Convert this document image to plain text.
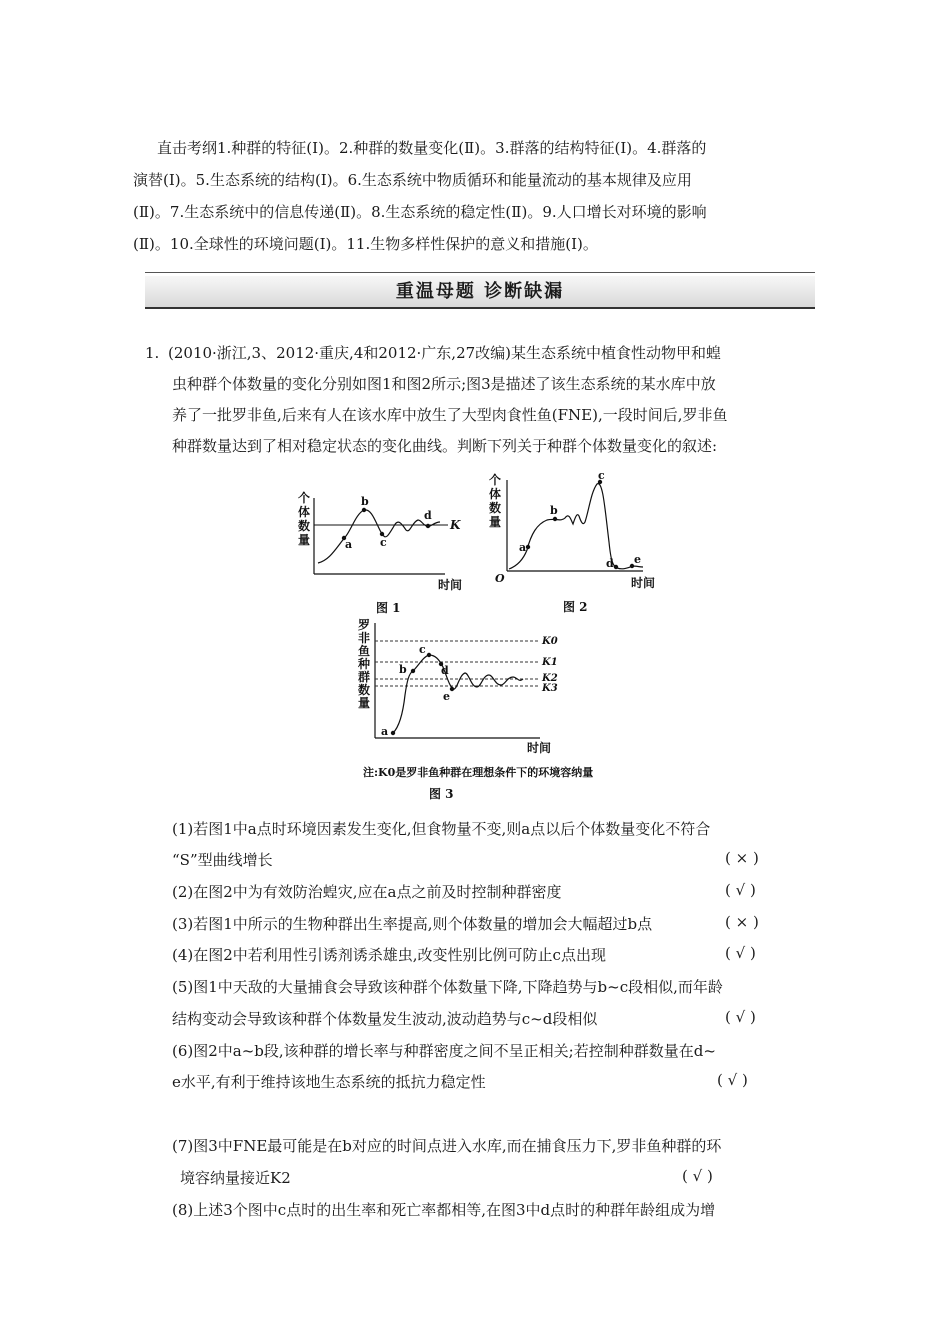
直击考纲1.种群的特征(Ⅰ)。2.种群的数量变化(Ⅱ)。3.群落的结构特征(Ⅰ)。4.群落的
演替(Ⅰ)。5.生态系统的结构(Ⅰ)。6.生态系统中物质循环和能量流动的基本规律及应用
(Ⅱ)。7.生态系统中的信息传递(Ⅱ)。8.生态系统的稳定性(Ⅱ)。9.人口增长对环境的影响
(Ⅱ)。10.全球性的环境问题(Ⅰ)。11.生物多样性保护的意义和措施(Ⅰ)。
重温母题 诊断缺漏
1. (2010·浙江,3、2012·重庆,4和2012·广东,27改编)某生态系统中植食性动物甲和蝗
虫种群个体数量的变化分别如图1和图2所示;图3是描述了该生态系统的某水库中放
养了一批罗非鱼,后来有人在该水库中放生了大型肉食性鱼(FNE),一段时间后,罗非鱼
种群数量达到了相对稳定状态的变化曲线。判断下列关于种群个体数量变化的叙述:
个
体
数
量
K
a
b
c
d
时间
图 1
个
体
数
量
O
a
b
c
d e
时间
图 2
罗
非
鱼
种
群
数
量
K0
K1
K2
K3
a
b
c
d
e
时间
注:K0是罗非鱼种群在理想条件下的环境容纳量
图 3
(1)若图1中a点时环境因素发生变化,但食物量不变,则a点以后个体数量变化不符合
“S”型曲线增长	( × )
(2)在图2中为有效防治蝗灾,应在a点之前及时控制种群密度	( √ )
(3)若图1中所示的生物种群出生率提高,则个体数量的增加会大幅超过b点	( × )
(4)在图2中若利用性引诱剂诱杀雄虫,改变性别比例可防止c点出现	( √ )
(5)图1中天敌的大量捕食会导致该种群个体数量下降,下降趋势与b~c段相似,而年龄
结构变动会导致该种群个体数量发生波动,波动趋势与c~d段相似	( √ )
(6)图2中a~b段,该种群的增长率与种群密度之间不呈正相关;若控制种群数量在d~
e水平,有利于维持该地生态系统的抵抗力稳定性	( √ )
(7)图3中FNE最可能是在b对应的时间点进入水库,而在捕食压力下,罗非鱼种群的环
境容纳量接近K2	( √ )
(8)上述3个图中c点时的出生率和死亡率都相等,在图3中d点时的种群年龄组成为增
